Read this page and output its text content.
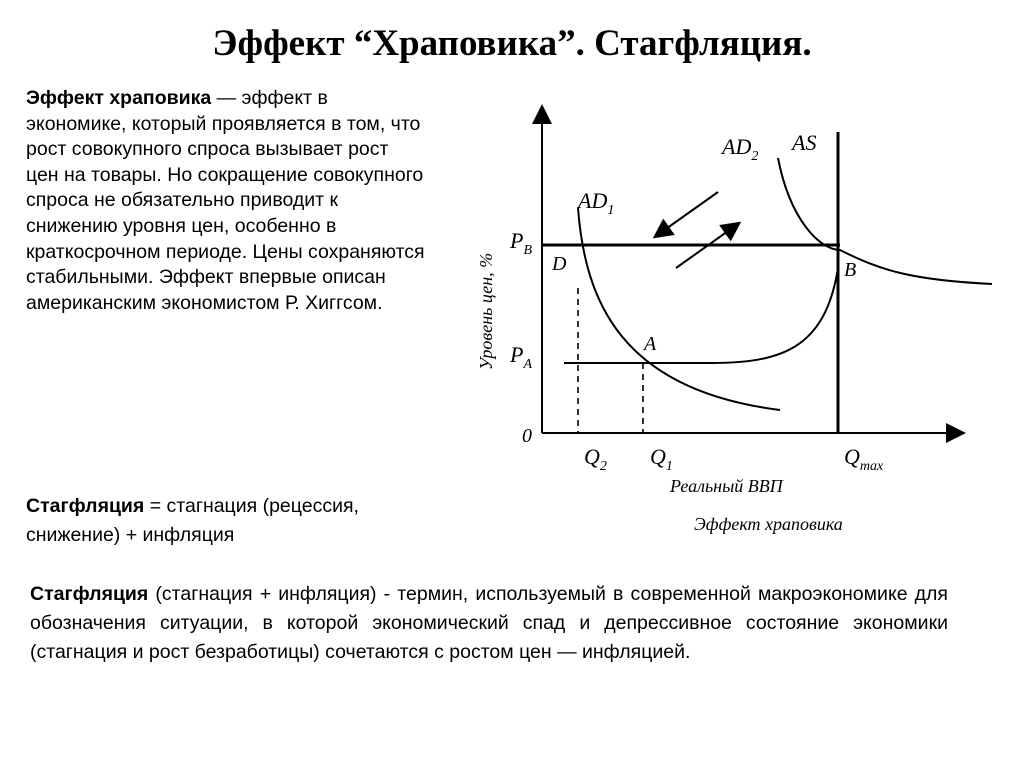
Эффект “Храповика”. Стагфляция.
Эффект храповика — эффект в экономике, который проявляется в том, что рост совокупного спроса вызывает рост цен на товары. Но сокращение совокупного спроса не обязательно приводит к снижению уровня цен, особенно в краткосрочном периоде. Цены сохраняются стабильными. Эффект впервые описан американским экономистом Р. Хиггсом.
Стагфляция = стагнация (рецессия, снижение) + инфляция
Стагфляция (стагнация + инфляция) - термин, используемый в современной макроэкономике для обозначения ситуации, в которой экономический спад и депрессивное состояние экономики (стагнация и рост безработицы) сочетаются с ростом цен — инфляцией.
$P_B$
$P_A$
0
D
A
B
$AD_1$
$AD_2$
AS
$Q_2$ $Q_1$	$Q_{max}$
Уровень цен, %
Реальный ВВП
Эффект храповика
